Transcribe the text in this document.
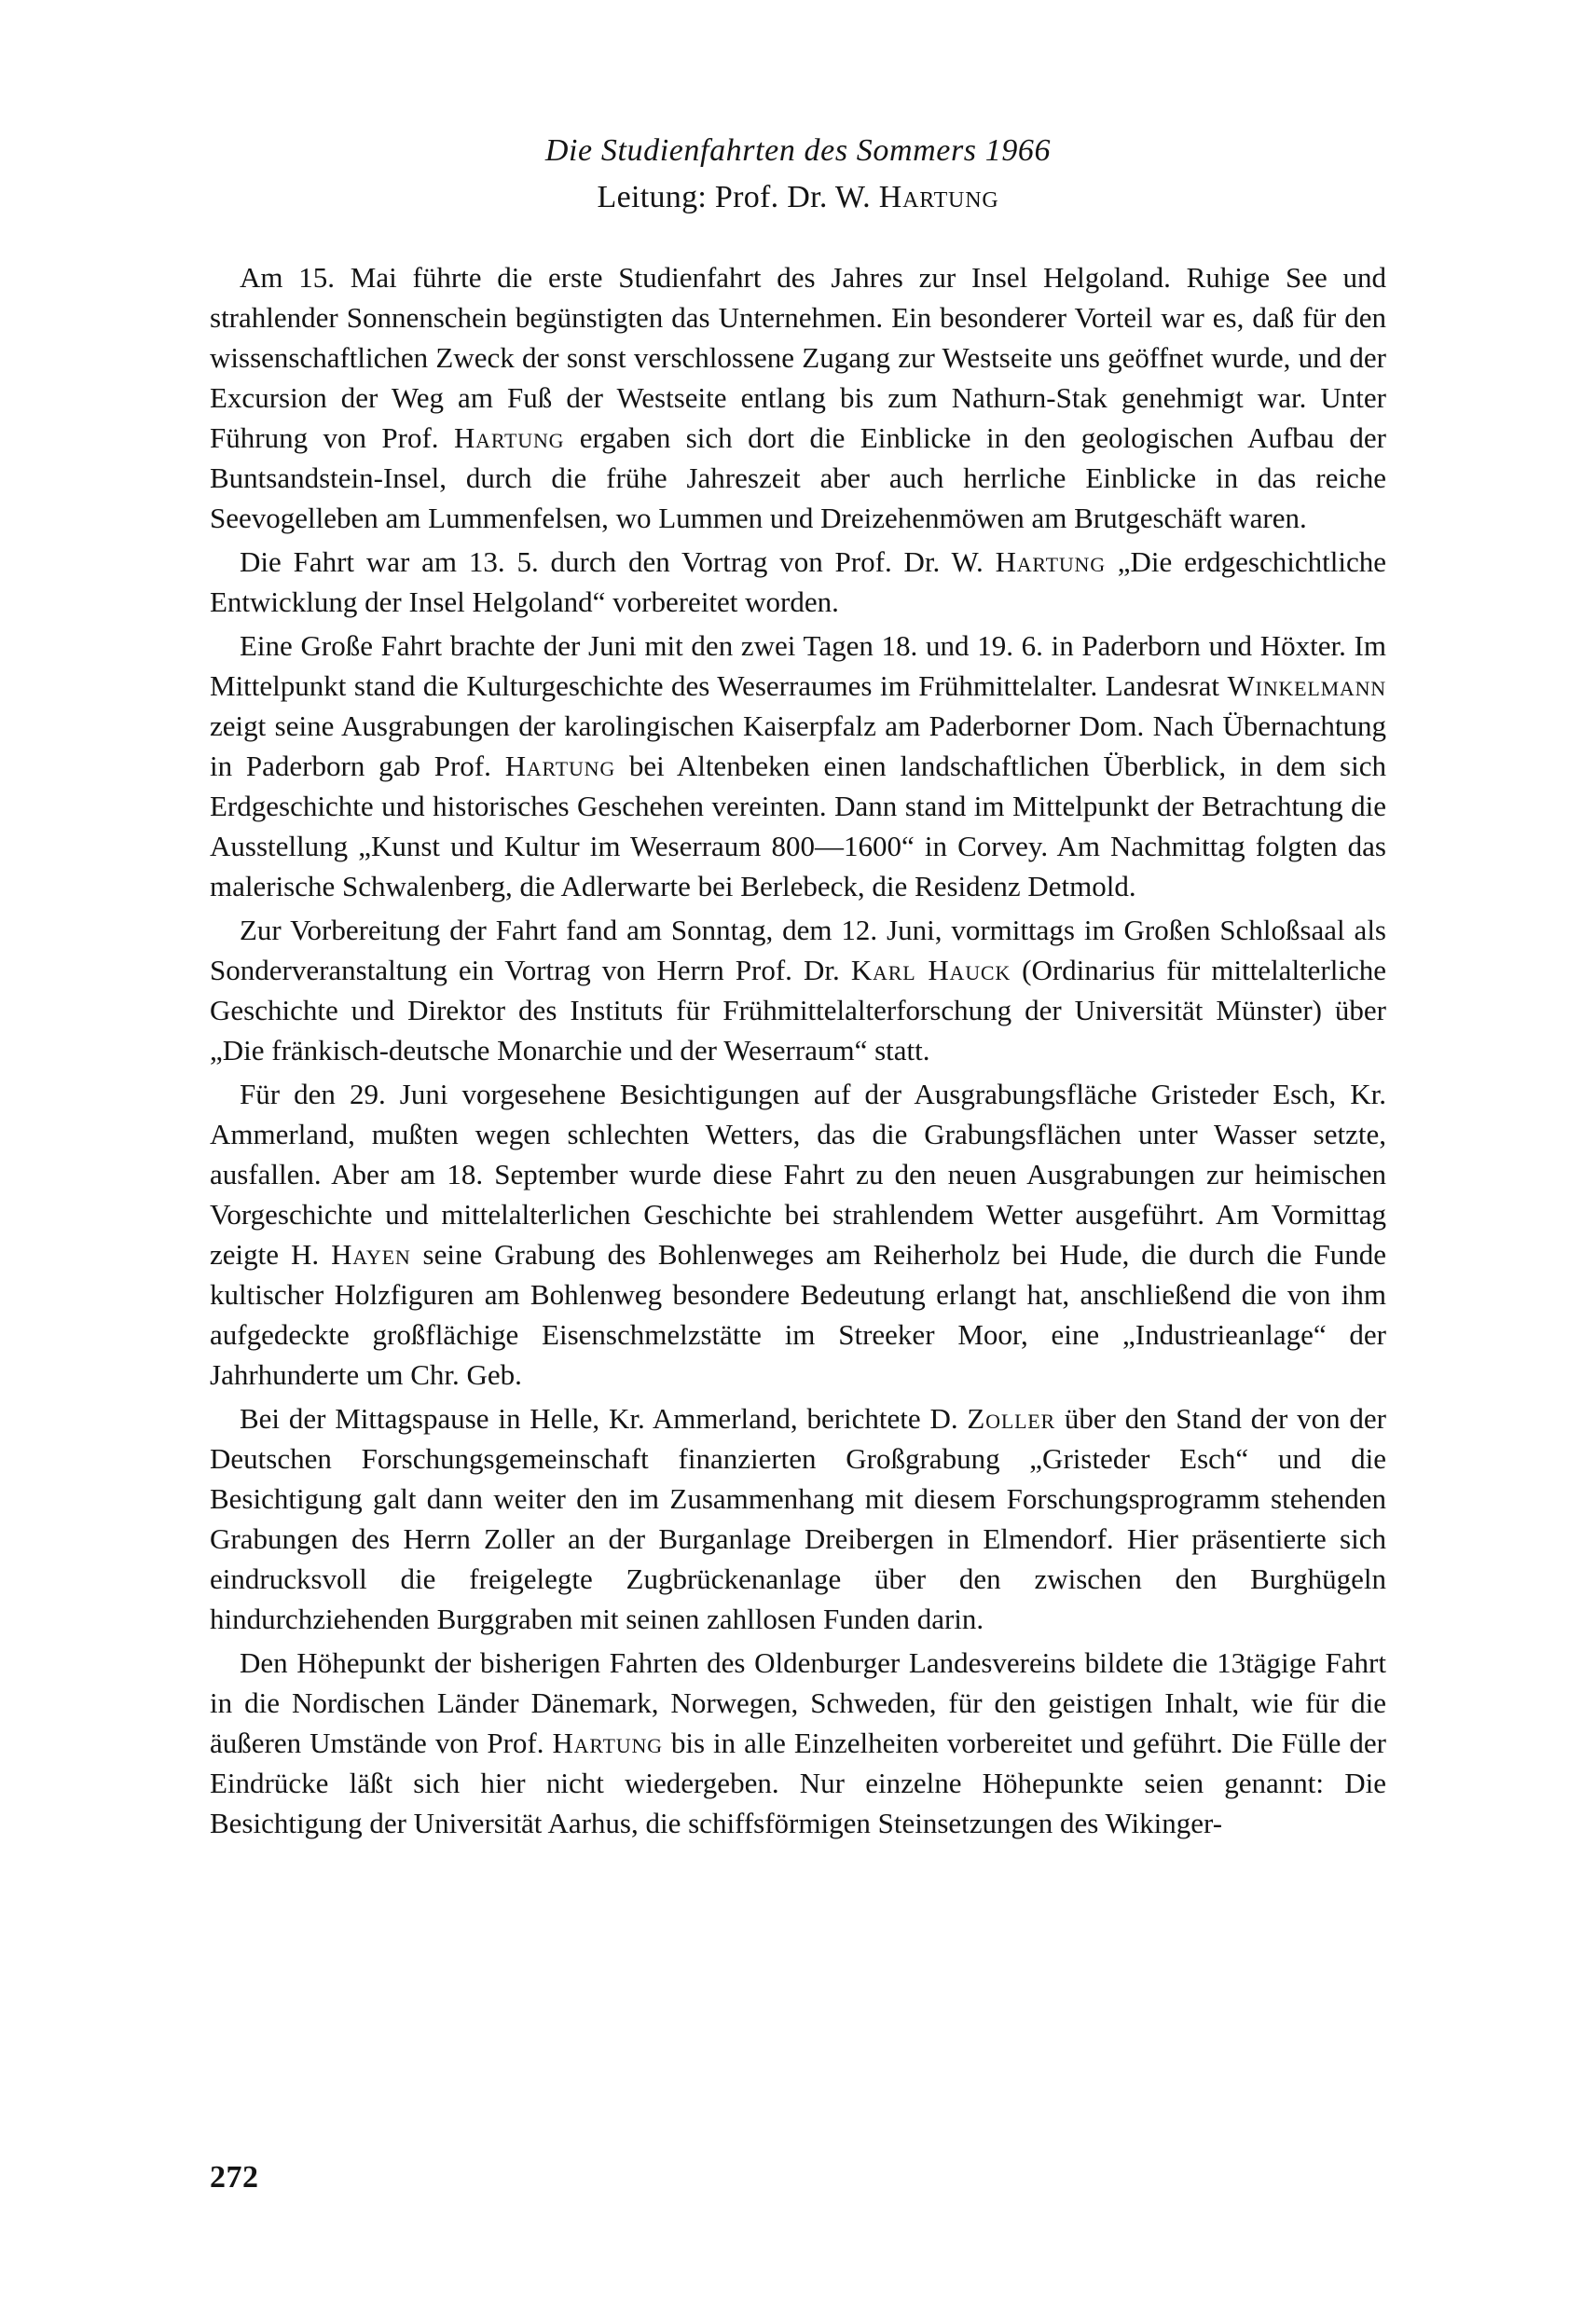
Die Studienfahrten des Sommers 1966
Leitung: Prof. Dr. W. Hartung

Am 15. Mai führte die erste Studienfahrt des Jahres zur Insel Helgoland. Ruhige See und strahlender Sonnenschein begünstigten das Unternehmen. Ein besonderer Vorteil war es, daß für den wissenschaftlichen Zweck der sonst verschlossene Zugang zur Westseite uns geöffnet wurde, und der Excursion der Weg am Fuß der Westseite entlang bis zum Nathurn-Stak genehmigt war. Unter Führung von Prof. Hartung ergaben sich dort die Einblicke in den geologischen Aufbau der Buntsandstein-Insel, durch die frühe Jahreszeit aber auch herrliche Einblicke in das reiche Seevogelleben am Lummenfelsen, wo Lummen und Dreizehenmöwen am Brutgeschäft waren.

Die Fahrt war am 13. 5. durch den Vortrag von Prof. Dr. W. Hartung „Die erdgeschichtliche Entwicklung der Insel Helgoland“ vorbereitet worden.

Eine Große Fahrt brachte der Juni mit den zwei Tagen 18. und 19. 6. in Paderborn und Höxter. Im Mittelpunkt stand die Kulturgeschichte des Weserraumes im Frühmittelalter. Landesrat Winkelmann zeigt seine Ausgrabungen der karolingischen Kaiserpfalz am Paderborner Dom. Nach Übernachtung in Paderborn gab Prof. Hartung bei Altenbeken einen landschaftlichen Überblick, in dem sich Erdgeschichte und historisches Geschehen vereinten. Dann stand im Mittelpunkt der Betrachtung die Ausstellung „Kunst und Kultur im Weserraum 800—1600“ in Corvey. Am Nachmittag folgten das malerische Schwalenberg, die Adlerwarte bei Berlebeck, die Residenz Detmold.

Zur Vorbereitung der Fahrt fand am Sonntag, dem 12. Juni, vormittags im Großen Schloßsaal als Sonderveranstaltung ein Vortrag von Herrn Prof. Dr. Karl Hauck (Ordinarius für mittelalterliche Geschichte und Direktor des Instituts für Frühmittelalterforschung der Universität Münster) über „Die fränkisch-deutsche Monarchie und der Weserraum“ statt.

Für den 29. Juni vorgesehene Besichtigungen auf der Ausgrabungsfläche Gristeder Esch, Kr. Ammerland, mußten wegen schlechten Wetters, das die Grabungsflächen unter Wasser setzte, ausfallen. Aber am 18. September wurde diese Fahrt zu den neuen Ausgrabungen zur heimischen Vorgeschichte und mittelalterlichen Geschichte bei strahlendem Wetter ausgeführt. Am Vormittag zeigte H. Hayen seine Grabung des Bohlenweges am Reiherholz bei Hude, die durch die Funde kultischer Holzfiguren am Bohlenweg besondere Bedeutung erlangt hat, anschließend die von ihm aufgedeckte großflächige Eisenschmelzstätte im Streeker Moor, eine „Industrieanlage“ der Jahrhunderte um Chr. Geb.

Bei der Mittagspause in Helle, Kr. Ammerland, berichtete D. Zoller über den Stand der von der Deutschen Forschungsgemeinschaft finanzierten Großgrabung „Gristeder Esch“ und die Besichtigung galt dann weiter den im Zusammenhang mit diesem Forschungsprogramm stehenden Grabungen des Herrn Zoller an der Burganlage Dreibergen in Elmendorf. Hier präsentierte sich eindrucksvoll die freigelegte Zugbrückenanlage über den zwischen den Burghügeln hindurchziehenden Burggraben mit seinen zahllosen Funden darin.

Den Höhepunkt der bisherigen Fahrten des Oldenburger Landesvereins bildete die 13tägige Fahrt in die Nordischen Länder Dänemark, Norwegen, Schweden, für den geistigen Inhalt, wie für die äußeren Umstände von Prof. Hartung bis in alle Einzelheiten vorbereitet und geführt. Die Fülle der Eindrücke läßt sich hier nicht wiedergeben. Nur einzelne Höhepunkte seien genannt: Die Besichtigung der Universität Aarhus, die schiffsförmigen Steinsetzungen des Wikinger-

272
